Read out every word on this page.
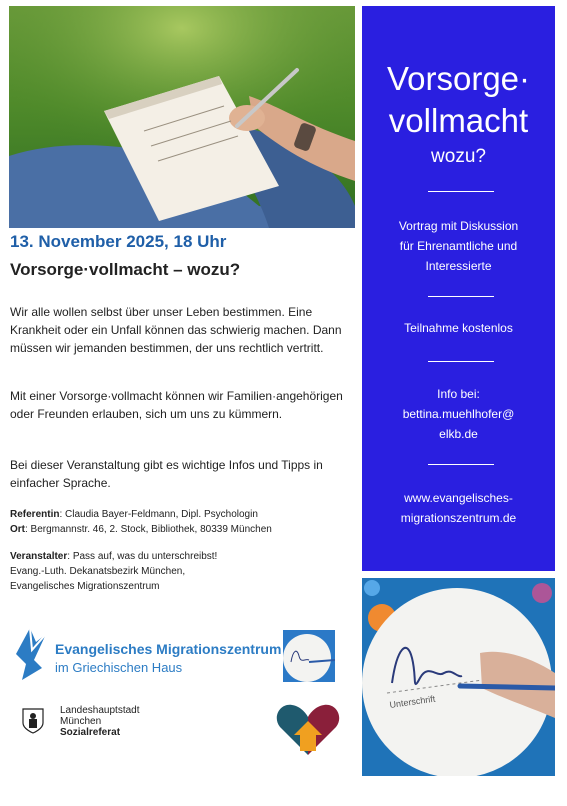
Vorsorge·
vollmacht
wozu?
Vortrag mit Diskussion
für Ehrenamtliche und
Interessierte
Teilnahme kostenlos
Info bei:
bettina.muehlhofer@
elkb.de
www.evangelisches-
migrationszentrum.de
13. November 2025, 18 Uhr
Vorsorge·vollmacht – wozu?
Wir alle wollen selbst über unser Leben bestimmen. Eine Krankheit oder ein Unfall können das schwierig machen. Dann müssen wir jemanden bestimmen, der uns rechtlich vertritt.
Mit einer Vorsorge·vollmacht können wir Familien·angehörigen oder Freunden erlauben, sich um uns zu kümmern.
Bei dieser Veranstaltung gibt es wichtige Infos und Tipps in einfacher Sprache.
Referentin: Claudia Bayer-Feldmann, Dipl. Psychologin
Ort: Bergmannstr. 46, 2. Stock, Bibliothek, 80339 München
Veranstalter: Pass auf, was du unterschreibst!
Evang.-Luth. Dekanatsbezirk München,
Evangelisches Migrationszentrum
Unterschrift
Evangelisches Migrationszentrum
im Griechischen Haus
Landeshauptstadt
München
Sozialreferat
